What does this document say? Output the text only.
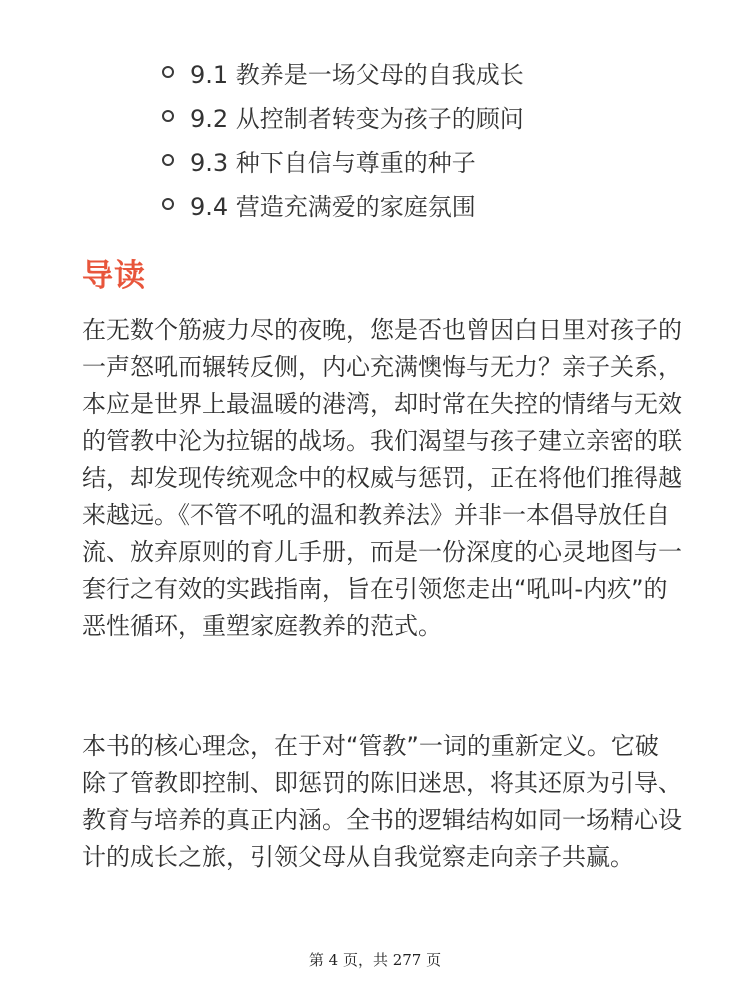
9.1 教养是一场父母的自我成长
9.2 从控制者转变为孩子的顾问
9.3 种下自信与尊重的种子
9.4 营造充满爱的家庭氛围
导读

在无数个筋疲力尽的夜晚，您是否也曾因白日里对孩子的一声怒吼而辗转反侧，内心充满懊悔与无力？亲子关系，本应是世界上最温暖的港湾，却时常在失控的情绪与无效的管教中沦为拉锯的战场。我们渴望与孩子建立亲密的联结，却发现传统观念中的权威与惩罚，正在将他们推得越来越远。《不管不吼的温和教养法》并非一本倡导放任自流、放弃原则的育儿手册，而是一份深度的心灵地图与一套行之有效的实践指南，旨在引领您走出“吼叫-内疚”的恶性循环，重塑家庭教养的范式。

本书的核心理念，在于对“管教”一词的重新定义。它破除了管教即控制、即惩罚的陈旧迷思，将其还原为引导、教育与培养的真正内涵。全书的逻辑结构如同一场精心设计的成长之旅，引领父母从自我觉察走向亲子共赢。

第 4 页，共 277 页
